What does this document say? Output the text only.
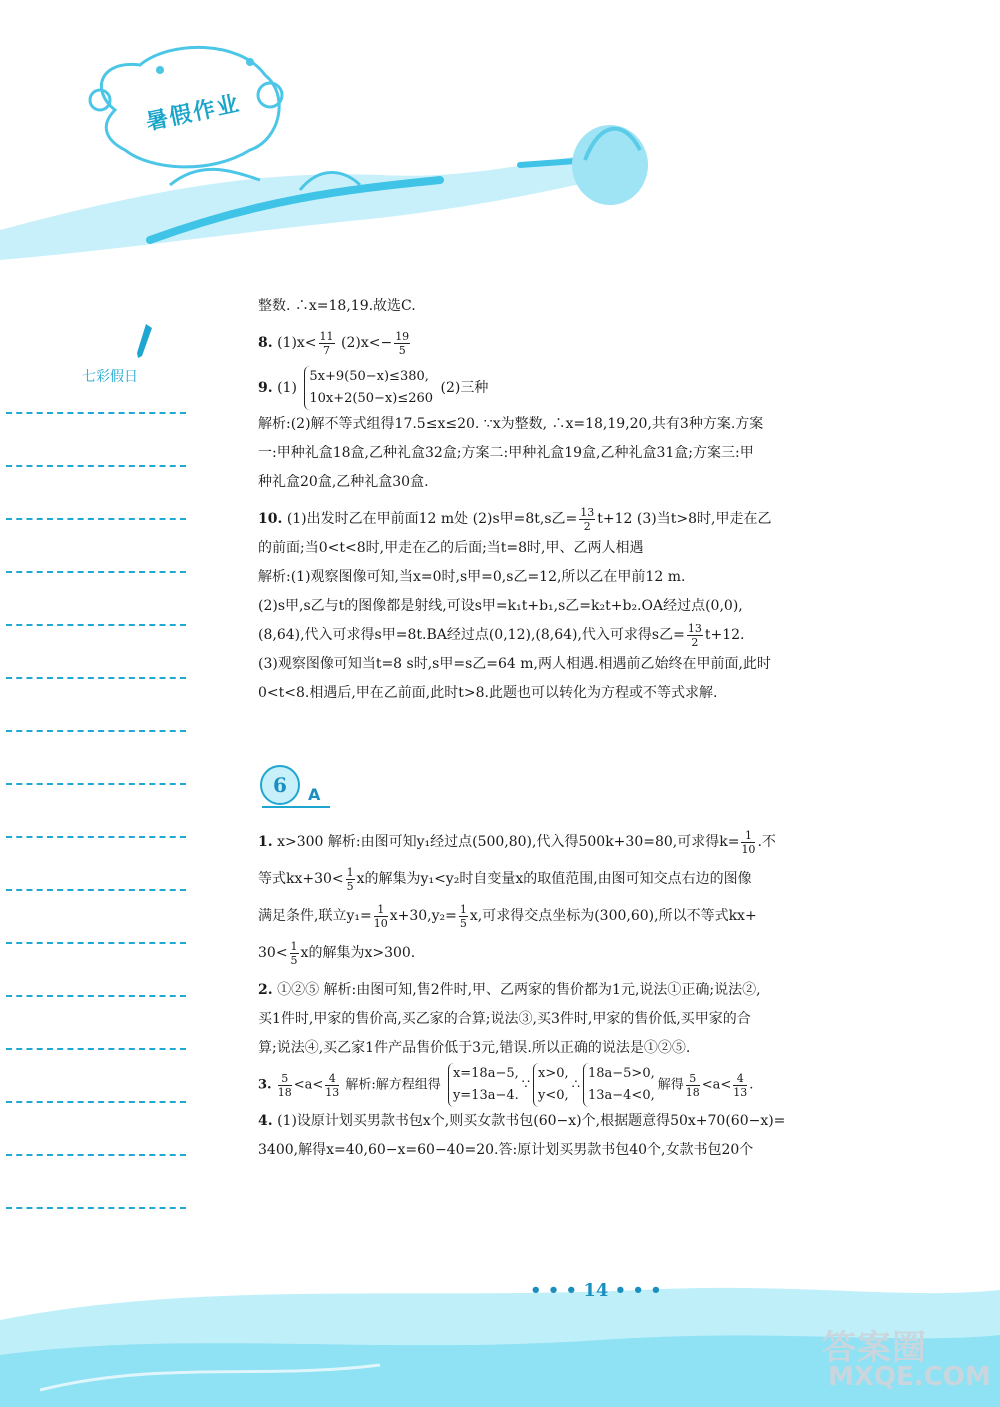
暑假作业
七彩假日

整数. ∴x=18,19.故选C.

8. $(1)x< \frac{11}{7} (2)x<- \frac{19}{5}$

9. (1)
5x+9(50−x)≤380,
10x+2(50−x)≤260
(2)三种

解析:(2)解不等式组得17.5≤x≤20. ∵x为整数, ∴x=18,19,20,共有3种方案.方案

一:甲种礼盒18盒,乙种礼盒32盒;方案二:甲种礼盒19盒,乙种礼盒31盒;方案三:甲

种礼盒20盒,乙种礼盒30盒.

10. (1)出发时乙在甲前面12 m处 (2)s甲=8t,s乙= $\frac{13}{2} t+12$ (3)当t>8时,甲走在乙

的前面;当0<t<8时,甲走在乙的后面;当t=8时,甲、乙两人相遇

解析:(1)观察图像可知,当x=0时,s甲=0,s乙=12,所以乙在甲前12 m.

(2)s甲,s乙与t的图像都是射线,可设s甲=k₁t+b₁,s乙=k₂t+b₂.OA经过点(0,0),

(8,64),代入可求得s甲=8t.BA经过点(0,12),(8,64),代入可求得s乙= $\frac{13}{2} t+12$.

(3)观察图像可知当t=8 s时,s甲=s乙=64 m,两人相遇.相遇前乙始终在甲前面,此时

0<t<8.相遇后,甲在乙前面,此时t>8.此题也可以转化为方程或不等式求解.

6 A

1. x>300 解析:由图可知y₁经过点(500,80),代入得500k+30=80,可求得$k= \frac{1}{10}$ .不

等式$kx+30< \frac{1}{5}$ x的解集为y₁<y₂时自变量x的取值范围,由图可知交点右边的图像

满足条件,联立$y_1= \frac{1}{10} x+30,y_2= \frac{1}{5} x$,可求得交点坐标为(300,60),所以不等式kx+

$30< \frac{1}{5}$ x的解集为x>300.

2. ①②⑤ 解析:由图可知,售2件时,甲、乙两家的售价都为1元,说法①正确;说法②,

买1件时,甲家的售价高,买乙家的合算;说法③,买3件时,甲家的售价低,买甲家的合

算;说法④,买乙家1件产品售价低于3元,错误.所以正确的说法是①②⑤.

3. $\frac{5}{18} <a< \frac{4}{13}$ 解析:解方程组得
x=18a−5,
y=13a−4.
∵
x>0,
y<0,
∴
18a−5>0,
13a−4<0,
解得 $\frac{5}{18} <a< \frac{4}{13}$ .

4. (1)设原计划买男款书包x个,则买女款书包(60−x)个,根据题意得50x+70(60−x)=

3400,解得x=40,60−x=60−40=20.答:原计划买男款书包40个,女款书包20个

• • • 14 • • •
答案圈
MXQE.COM
